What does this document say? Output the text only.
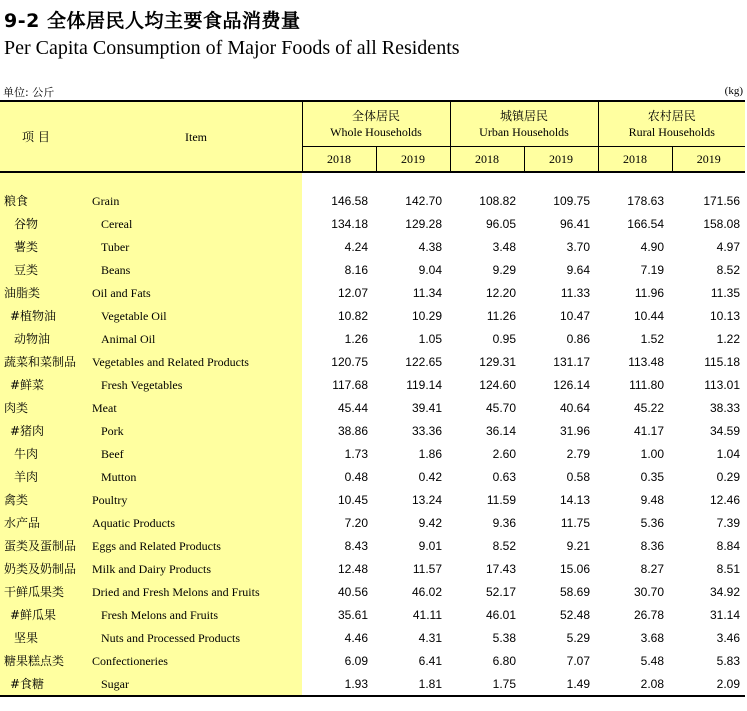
9-2 全体居民人均主要食品消费量
Per Capita Consumption of Major Foods of all Residents
单位: 公斤	(kg)
项 目 Item	全体居民
Whole Households		城镇居民
Urban Households		农村居民
Rural Households	

	2018	2019	2018	2019	2018	2019

粮食 Grain	146.58	142.70	108.82	109.75	178.63	171.56
谷物 Cereal	134.18	129.28	96.05	96.41	166.54	158.08
薯类 Tuber	4.24	4.38	3.48	3.70	4.90	4.97
豆类 Beans	8.16	9.04	9.29	9.64	7.19	8.52
油脂类 Oil and Fats	12.07	11.34	12.20	11.33	11.96	11.35
#植物油 Vegetable Oil	10.82	10.29	11.26	10.47	10.44	10.13
动物油 Animal Oil	1.26	1.05	0.95	0.86	1.52	1.22
蔬菜和菜制品 Vegetables and Related Products	120.75	122.65	129.31	131.17	113.48	115.18
#鲜菜 Fresh Vegetables	117.68	119.14	124.60	126.14	111.80	113.01
肉类 Meat	45.44	39.41	45.70	40.64	45.22	38.33
#猪肉 Pork	38.86	33.36	36.14	31.96	41.17	34.59
牛肉 Beef	1.73	1.86	2.60	2.79	1.00	1.04
羊肉 Mutton	0.48	0.42	0.63	0.58	0.35	0.29
禽类 Poultry	10.45	13.24	11.59	14.13	9.48	12.46
水产品 Aquatic Products	7.20	9.42	9.36	11.75	5.36	7.39
蛋类及蛋制品 Eggs and Related Products	8.43	9.01	8.52	9.21	8.36	8.84
奶类及奶制品 Milk and Dairy Products	12.48	11.57	17.43	15.06	8.27	8.51
干鲜瓜果类 Dried and Fresh Melons and Fruits	40.56	46.02	52.17	58.69	30.70	34.92
#鲜瓜果 Fresh Melons and Fruits	35.61	41.11	46.01	52.48	26.78	31.14
坚果 Nuts and Processed Products	4.46	4.31	5.38	5.29	3.68	3.46
糖果糕点类 Confectioneries	6.09	6.41	6.80	7.07	5.48	5.83
#食糖 Sugar	1.93	1.81	1.75	1.49	2.08	2.09
